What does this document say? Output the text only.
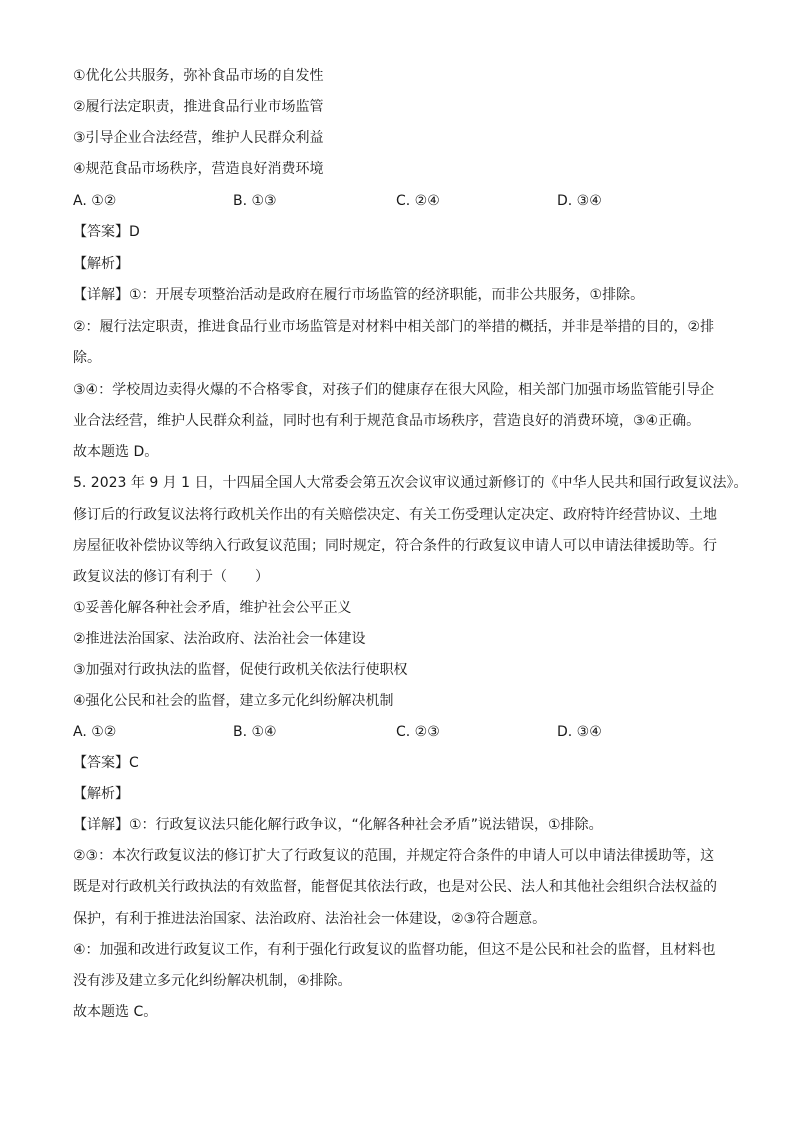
①优化公共服务，弥补食品市场的自发性
②履行法定职责，推进食品行业市场监管
③引导企业合法经营，维护人民群众利益
④规范食品市场秩序，营造良好消费环境
A. ①②	B. ①③	C. ②④	D. ③④
【答案】D
【解析】
【详解】①：开展专项整治活动是政府在履行市场监管的经济职能，而非公共服务，①排除。
②：履行法定职责，推进食品行业市场监管是对材料中相关部门的举措的概括，并非是举措的目的，②排
除。
③④：学校周边卖得火爆的不合格零食，对孩子们的健康存在很大风险，相关部门加强市场监管能引导企
业合法经营，维护人民群众利益，同时也有利于规范食品市场秩序，营造良好的消费环境，③④正确。
故本题选 D。
5. 2023 年 9 月 1 日，十四届全国人大常委会第五次会议审议通过新修订的《中华人民共和国行政复议法》。
修订后的行政复议法将行政机关作出的有关赔偿决定、有关工伤受理认定决定、政府特许经营协议、土地
房屋征收补偿协议等纳入行政复议范围；同时规定，符合条件的行政复议申请人可以申请法律援助等。行
政复议法的修订有利于（　　）
①妥善化解各种社会矛盾，维护社会公平正义
②推进法治国家、法治政府、法治社会一体建设
③加强对行政执法的监督，促使行政机关依法行使职权
④强化公民和社会的监督，建立多元化纠纷解决机制
A. ①②	B. ①④	C. ②③	D. ③④
【答案】C
【解析】
【详解】①：行政复议法只能化解行政争议，“化解各种社会矛盾”说法错误，①排除。
②③：本次行政复议法的修订扩大了行政复议的范围，并规定符合条件的申请人可以申请法律援助等，这
既是对行政机关行政执法的有效监督，能督促其依法行政，也是对公民、法人和其他社会组织合法权益的
保护，有利于推进法治国家、法治政府、法治社会一体建设，②③符合题意。
④：加强和改进行政复议工作，有利于强化行政复议的监督功能，但这不是公民和社会的监督，且材料也
没有涉及建立多元化纠纷解决机制，④排除。
故本题选 C。
